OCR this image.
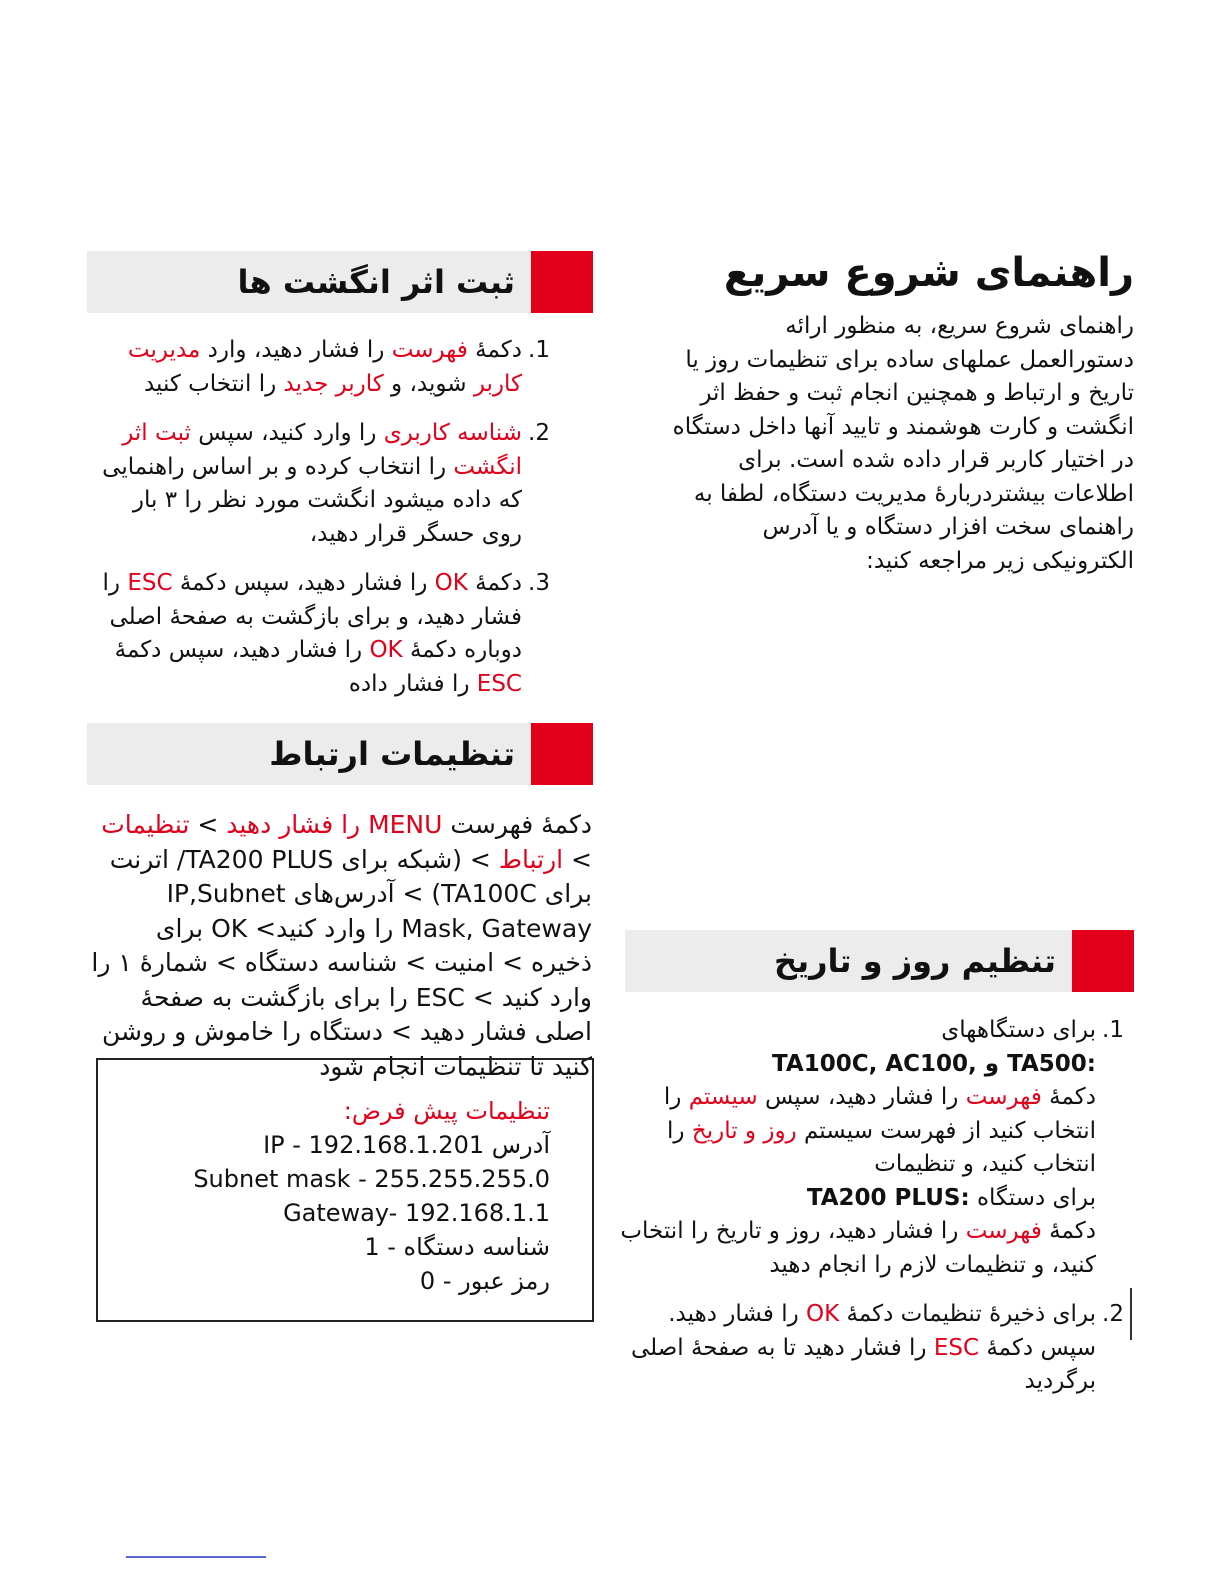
راهنمای شروع سریع
راهنمای شروع سریع، به منظور ارائه دستورالعمل عملهای ساده برای تنظیمات روز یا تاریخ و ارتباط و همچنین انجام ثبت و حفظ اثر انگشت و کارت هوشمند و تایید آنها داخل دستگاه در اختیار کاربر قرار داده شده است. برای اطلاعات بیشتردربارۀ مدیریت دستگاه، لطفا به راهنمای سخت افزار دستگاه و یا آدرس الکترونیکی زیر مراجعه کنید:
ثبت اثر انگشت ها
1.
دکمۀ فهرست را فشار دهید، وارد مدیریت کاربر شوید، و کاربر جدید را انتخاب کنید
2.
شناسه کاربری را وارد کنید، سپس ثبت اثر انگشت را انتخاب کرده و بر اساس راهنمایی که داده میشود انگشت مورد نظر را ۳ بار روی حسگر قرار دهید،
3.
دکمۀ OK را فشار دهید، سپس دکمۀ ESC را فشار دهید، و برای بازگشت به صفحۀ اصلی دوباره دکمۀ OK را فشار دهید، سپس دکمۀ ESC را فشار داده
تنظیمات ارتباط
دکمۀ فهرست MENU را فشار دهید > تنظیمات > ارتباط > (شبکه برای TA200 PLUS/ اترنت برای TA100C) > آدرس‌های IP,Subnet Mask, Gateway را وارد کنید> OK برای ذخیره > امنیت > شناسه دستگاه > شمارۀ ۱ را وارد کنید > ESC را برای بازگشت به صفحۀ اصلی فشار دهید > دستگاه را خاموش و روشن کنید تا تنظیمات انجام شود
تنظیمات پیش فرض:
آدرس IP - 192.168.1.201
Subnet mask - 255.255.255.0
Gateway- 192.168.1.1
شناسه دستگاه - 1
رمز عبور - 0
تنظیم روز و تاریخ
1.
برای دستگاههای TA100C, AC100, و TA500:
دکمۀ فهرست را فشار دهید، سپس سیستم را انتخاب کنید از فهرست سیستم روز و تاریخ را انتخاب کنید، و تنظیمات
برای دستگاه TA200 PLUS:
دکمۀ فهرست را فشار دهید، روز و تاریخ را انتخاب کنید، و تنظیمات لازم را انجام دهید
2.
برای ذخیرۀ تنظیمات دکمۀ OK را فشار دهید. سپس دکمۀ ESC را فشار دهید تا به صفحۀ اصلی برگردید
